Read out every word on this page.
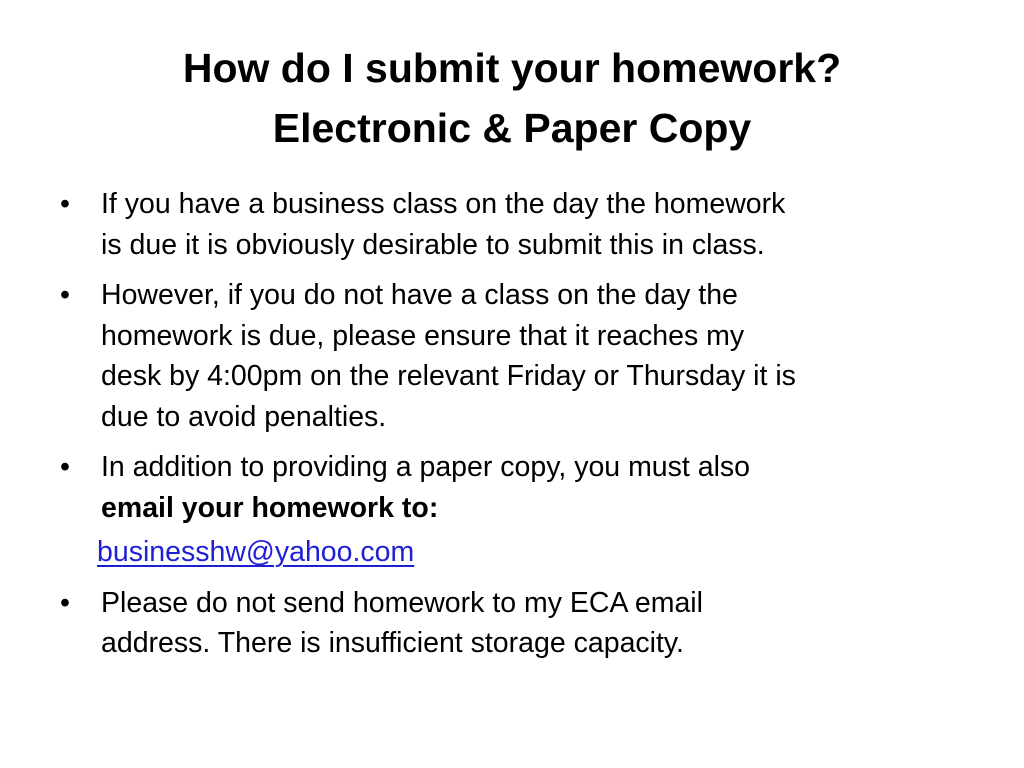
How do I submit your homework?
Electronic & Paper Copy
•	If you have a business class on the day the homework
is due it is obviously desirable to submit this in class.
•	However, if you do not have a class on the day the
homework is due, please ensure that it reaches my
desk by 4:00pm on the relevant Friday or Thursday it is
due to avoid penalties.
•	In addition to providing a paper copy, you must also
email your homework to:
businesshw@yahoo.com
•	Please do not send homework to my ECA email
address. There is insufficient storage capacity.
